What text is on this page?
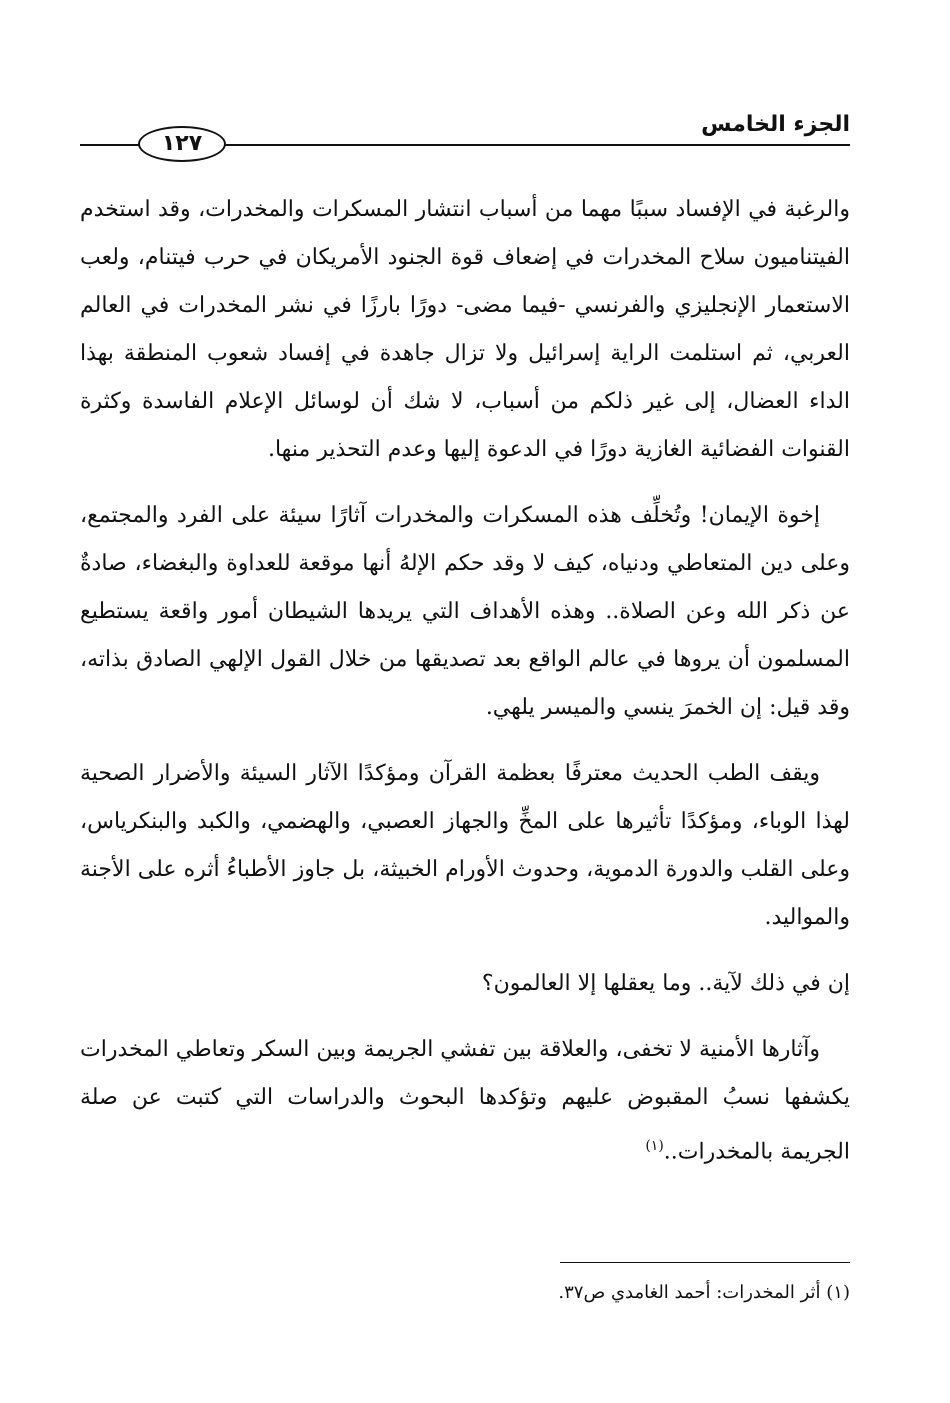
١٢٧
الجزء الخامس

والرغبة في الإفساد سببًا مهما من أسباب انتشار المسكرات والمخدرات، وقد استخدم الفيتناميون سلاح المخدرات في إضعاف قوة الجنود الأمريكان في حرب فيتنام، ولعب الاستعمار الإنجليزي والفرنسي -فيما مضى- دورًا بارزًا في نشر المخدرات في العالم العربي، ثم استلمت الراية إسرائيل ولا تزال جاهدة في إفساد شعوب المنطقة بهذا الداء العضال، إلى غير ذلكم من أسباب، لا شك أن لوسائل الإعلام الفاسدة وكثرة القنوات الفضائية الغازية دورًا في الدعوة إليها وعدم التحذير منها.

إخوة الإيمان! وتُخلِّف هذه المسكرات والمخدرات آثارًا سيئة على الفرد والمجتمع، وعلى دين المتعاطي ودنياه، كيف لا وقد حكم الإلهُ أنها موقعة للعداوة والبغضاء، صادةٌ عن ذكر الله وعن الصلاة.. وهذه الأهداف التي يريدها الشيطان أمور واقعة يستطيع المسلمون أن يروها في عالم الواقع بعد تصديقها من خلال القول الإلهي الصادق بذاته، وقد قيل: إن الخمرَ ينسي والميسر يلهي.

ويقف الطب الحديث معترفًا بعظمة القرآن ومؤكدًا الآثار السيئة والأضرار الصحية لهذا الوباء، ومؤكدًا تأثيرها على المخِّ والجهاز العصبي، والهضمي، والكبد والبنكرياس، وعلى القلب والدورة الدموية، وحدوث الأورام الخبيثة، بل جاوز الأطباءُ أثره على الأجنة والمواليد.

إن في ذلك لآية.. وما يعقلها إلا العالمون؟

وآثارها الأمنية لا تخفى، والعلاقة بين تفشي الجريمة وبين السكر وتعاطي المخدرات يكشفها نسبُ المقبوض عليهم وتؤكدها البحوث والدراسات التي كتبت عن صلة الجريمة بالمخدرات..$^{(١)}$

(١) أثر المخدرات: أحمد الغامدي ص٣٧.
